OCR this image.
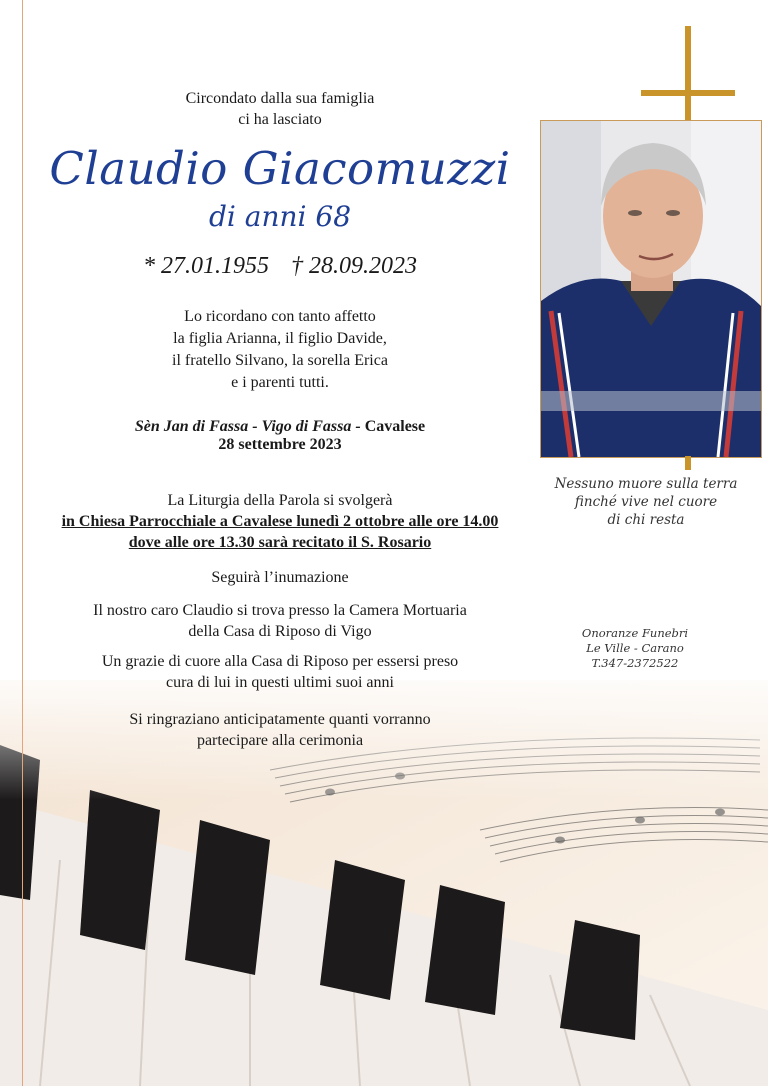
Circondato dalla sua famiglia
ci ha lasciato
Claudio Giacomuzzi
di anni 68
* 27.01.1955 † 28.09.2023
Lo ricordano con tanto affetto
la figlia Arianna, il figlio Davide,
il fratello Silvano, la sorella Erica
e i parenti tutti.
Sèn Jan di Fassa - Vigo di Fassa - Cavalese
28 settembre 2023
La Liturgia della Parola si svolgerà
in Chiesa Parrocchiale a Cavalese lunedì 2 ottobre alle ore 14.00
dove alle ore 13.30 sarà recitato il S. Rosario
Seguirà l’inumazione
Il nostro caro Claudio si trova presso la Camera Mortuaria
della Casa di Riposo di Vigo
Un grazie di cuore alla Casa di Riposo per essersi preso
cura di lui in questi ultimi suoi anni
Si ringraziano anticipatamente quanti vorranno
partecipare alla cerimonia
Nessuno muore sulla terra
finché vive nel cuore
di chi resta
Onoranze Funebri
Le Ville - Carano
T.347-2372522
